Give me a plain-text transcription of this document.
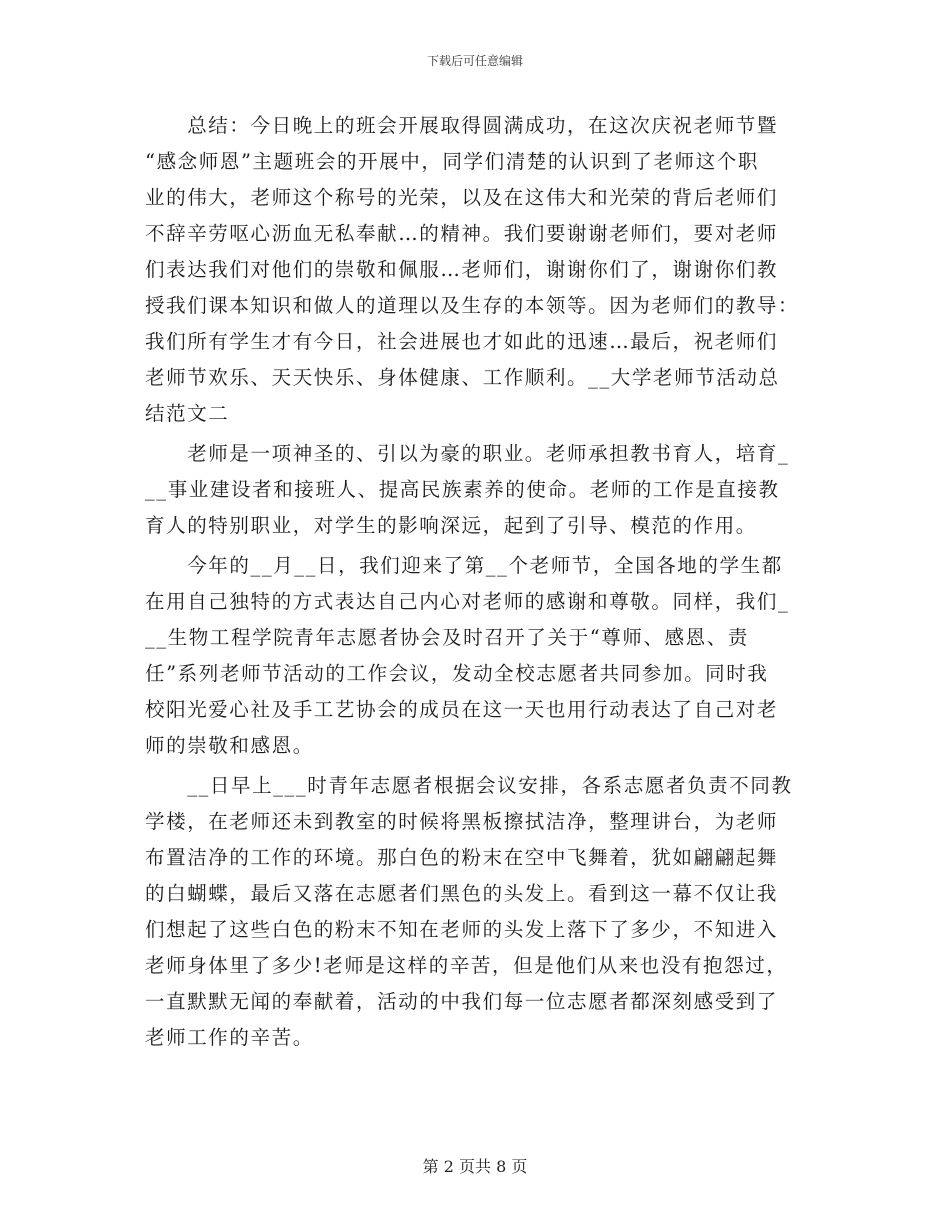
下载后可任意编辑
　　总结：今日晚上的班会开展取得圆满成功，在这次庆祝老师节暨
“感念师恩”主题班会的开展中，同学们清楚的认识到了老师这个职
业的伟大，老师这个称号的光荣，以及在这伟大和光荣的背后老师们
不辞辛劳呕心沥血无私奉献…的精神。我们要谢谢老师们，要对老师
们表达我们对他们的崇敬和佩服…老师们，谢谢你们了，谢谢你们教
授我们课本知识和做人的道理以及生存的本领等。因为老师们的教导：
我们所有学生才有今日，社会进展也才如此的迅速…最后，祝老师们
老师节欢乐、天天快乐、身体健康、工作顺利。__大学老师节活动总
结范文二
　　老师是一项神圣的、引以为豪的职业。老师承担教书育人，培育_
__事业建设者和接班人、提高民族素养的使命。老师的工作是直接教
育人的特别职业，对学生的影响深远，起到了引导、模范的作用。
　　今年的__月__日，我们迎来了第__个老师节，全国各地的学生都
在用自己独特的方式表达自己内心对老师的感谢和尊敬。同样，我们_
__生物工程学院青年志愿者协会及时召开了关于“尊师、感恩、责
任”系列老师节活动的工作会议，发动全校志愿者共同参加。同时我
校阳光爱心社及手工艺协会的成员在这一天也用行动表达了自己对老
师的崇敬和感恩。
　　__日早上___时青年志愿者根据会议安排，各系志愿者负责不同教
学楼，在老师还未到教室的时候将黑板擦拭洁净，整理讲台，为老师
布置洁净的工作的环境。那白色的粉末在空中飞舞着，犹如翩翩起舞
的白蝴蝶，最后又落在志愿者们黑色的头发上。看到这一幕不仅让我
们想起了这些白色的粉末不知在老师的头发上落下了多少，不知进入
老师身体里了多少!老师是这样的辛苦，但是他们从来也没有抱怨过，
一直默默无闻的奉献着，活动的中我们每一位志愿者都深刻感受到了
老师工作的辛苦。
第 2 页共 8 页
